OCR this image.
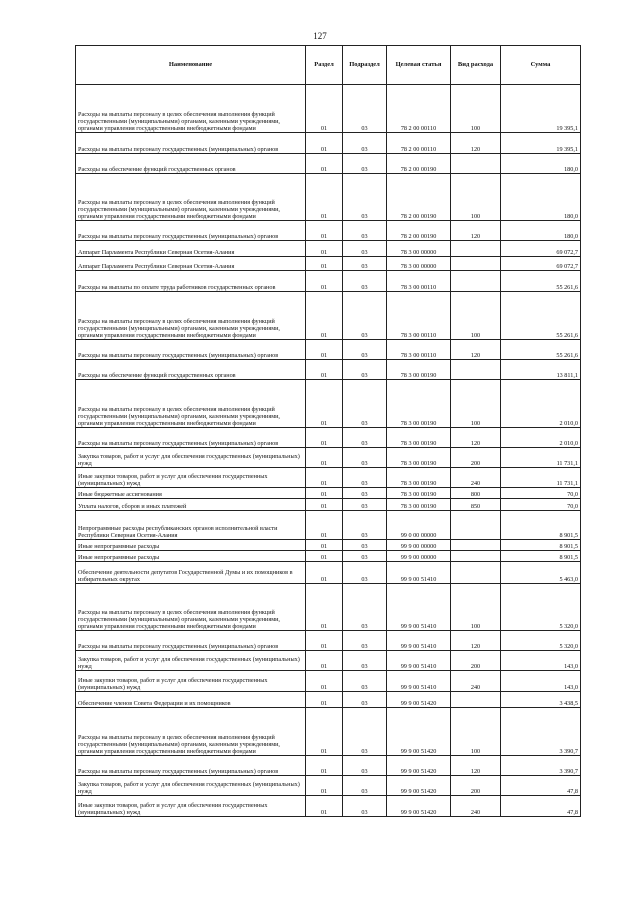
127
Наименование	Раздел	Подраздел	Целевая статья	Вид расхода	Сумма
Расходы на выплаты персоналу в целях обеспечения выполнения функций государственными (муниципальными) органами, казенными учреждениями, органами управления государственными внебюджетными фондами	01	03	78 2 00 00110	100	19 395,1
Расходы на выплаты персоналу государственных (муниципальных) органов	01	03	78 2 00 00110	120	19 395,1
Расходы на обеспечение функций государственных органов	01	03	78 2 00 00190		180,0
Расходы на выплаты персоналу в целях обеспечения выполнения функций государственными (муниципальными) органами, казенными учреждениями, органами управления государственными внебюджетными фондами	01	03	78 2 00 00190	100	180,0
Расходы на выплаты персоналу государственных (муниципальных) органов	01	03	78 2 00 00190	120	180,0
Аппарат Парламента Республики Северная Осетия-Алания	01	03	78 3 00 00000		69 072,7
Аппарат Парламента Республики Северная Осетия-Алания	01	03	78 3 00 00000		69 072,7
Расходы на выплаты по оплате труда работников государственных органов	01	03	78 3 00 00110		55 261,6
Расходы на выплаты персоналу в целях обеспечения выполнения функций государственными (муниципальными) органами, казенными учреждениями, органами управления государственными внебюджетными фондами	01	03	78 3 00 00110	100	55 261,6
Расходы на выплаты персоналу государственных (муниципальных) органов	01	03	78 3 00 00110	120	55 261,6
Расходы на обеспечение функций государственных органов	01	03	78 3 00 00190		13 811,1
Расходы на выплаты персоналу в целях обеспечения выполнения функций государственными (муниципальными) органами, казенными учреждениями, органами управления государственными внебюджетными фондами	01	03	78 3 00 00190	100	2 010,0
Расходы на выплаты персоналу государственных (муниципальных) органов	01	03	78 3 00 00190	120	2 010,0
Закупка товаров, работ и услуг для обеспечения государственных (муниципальных) нужд	01	03	78 3 00 00190	200	11 731,1
Иные закупки товаров, работ и услуг для обеспечения государственных (муниципальных) нужд	01	03	78 3 00 00190	240	11 731,1
Иные бюджетные ассигнования	01	03	78 3 00 00190	800	70,0
Уплата налогов, сборов и иных платежей	01	03	78 3 00 00190	850	70,0
Непрограммные расходы республиканских органов исполнительной власти Республики Северная Осетия-Алания	01	03	99 0 00 00000		8 901,5
Иные непрограммные расходы	01	03	99 9 00 00000		8 901,5
Иные непрограммные расходы	01	03	99 9 00 00000		8 901,5
Обеспечение деятельности депутатов Государственной Думы и их помощников в избирательных округах	01	03	99 9 00 51410		5 463,0
Расходы на выплаты персоналу в целях обеспечения выполнения функций государственными (муниципальными) органами, казенными учреждениями, органами управления государственными внебюджетными фондами	01	03	99 9 00 51410	100	5 320,0
Расходы на выплаты персоналу государственных (муниципальных) органов	01	03	99 9 00 51410	120	5 320,0
Закупка товаров, работ и услуг для обеспечения государственных (муниципальных) нужд	01	03	99 9 00 51410	200	143,0
Иные закупки товаров, работ и услуг для обеспечения государственных (муниципальных) нужд	01	03	99 9 00 51410	240	143,0
Обеспечение членов Совета Федерации и их помощников	01	03	99 9 00 51420		3 438,5
Расходы на выплаты персоналу в целях обеспечения выполнения функций государственными (муниципальными) органами, казенными учреждениями, органами управления государственными внебюджетными фондами	01	03	99 9 00 51420	100	3 390,7
Расходы на выплаты персоналу государственных (муниципальных) органов	01	03	99 9 00 51420	120	3 390,7
Закупка товаров, работ и услуг для обеспечения государственных (муниципальных) нужд	01	03	99 9 00 51420	200	47,8
Иные закупки товаров, работ и услуг для обеспечения государственных (муниципальных) нужд	01	03	99 9 00 51420	240	47,8
